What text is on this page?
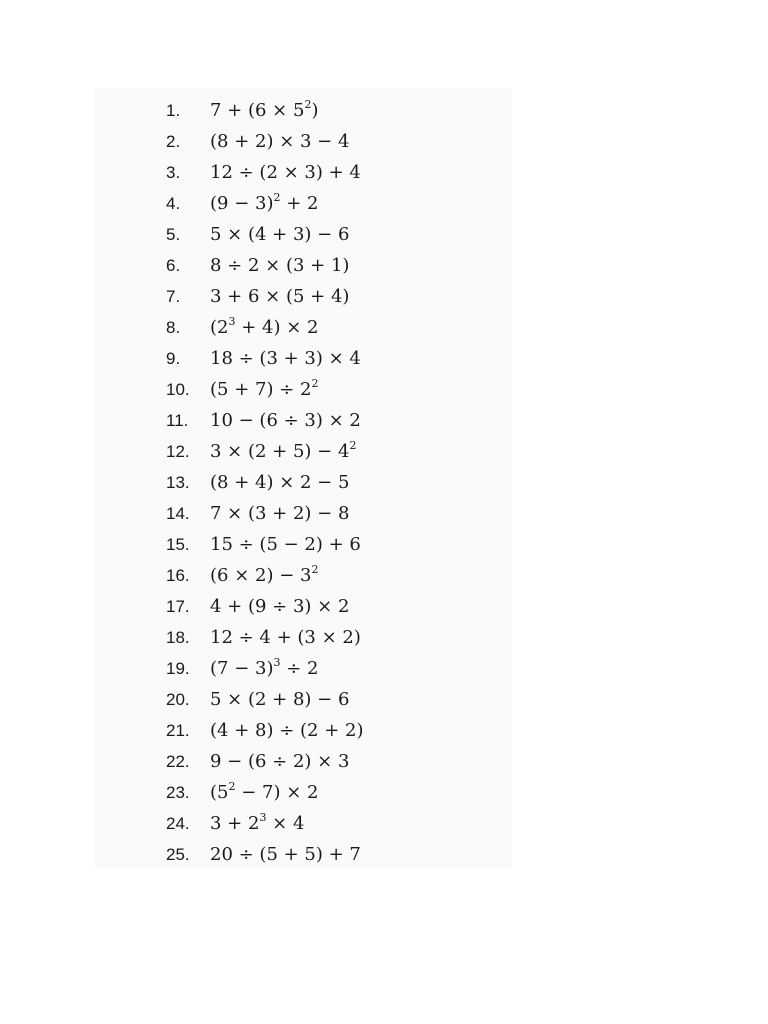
1.	$7 + (6 \times 5^2)$
2.	(8 + 2) × 3 − 4
3.	12 ÷ (2 × 3) + 4
4.	$(9 - 3)^2 + 2$
5.	5 × (4 + 3) − 6
6.	8 ÷ 2 × (3 + 1)
7.	3 + 6 × (5 + 4)
8.	$(2^3 + 4) \times 2$
9.	18 ÷ (3 + 3) × 4
10.	$(5 + 7) \div 2^2$
11.	10 − (6 ÷ 3) × 2
12.	$3 \times (2 + 5) - 4^2$
13.	(8 + 4) × 2 − 5
14.	7 × (3 + 2) − 8
15.	15 ÷ (5 − 2) + 6
16.	$(6 \times 2) - 3^2$
17.	4 + (9 ÷ 3) × 2
18.	12 ÷ 4 + (3 × 2)
19.	$(7 - 3)^3 \div 2$
20.	5 × (2 + 8) − 6
21.	(4 + 8) ÷ (2 + 2)
22.	9 − (6 ÷ 2) × 3
23.	$(5^2 - 7) \times 2$
24.	$3 + 2^3 \times 4$
25.	20 ÷ (5 + 5) + 7
